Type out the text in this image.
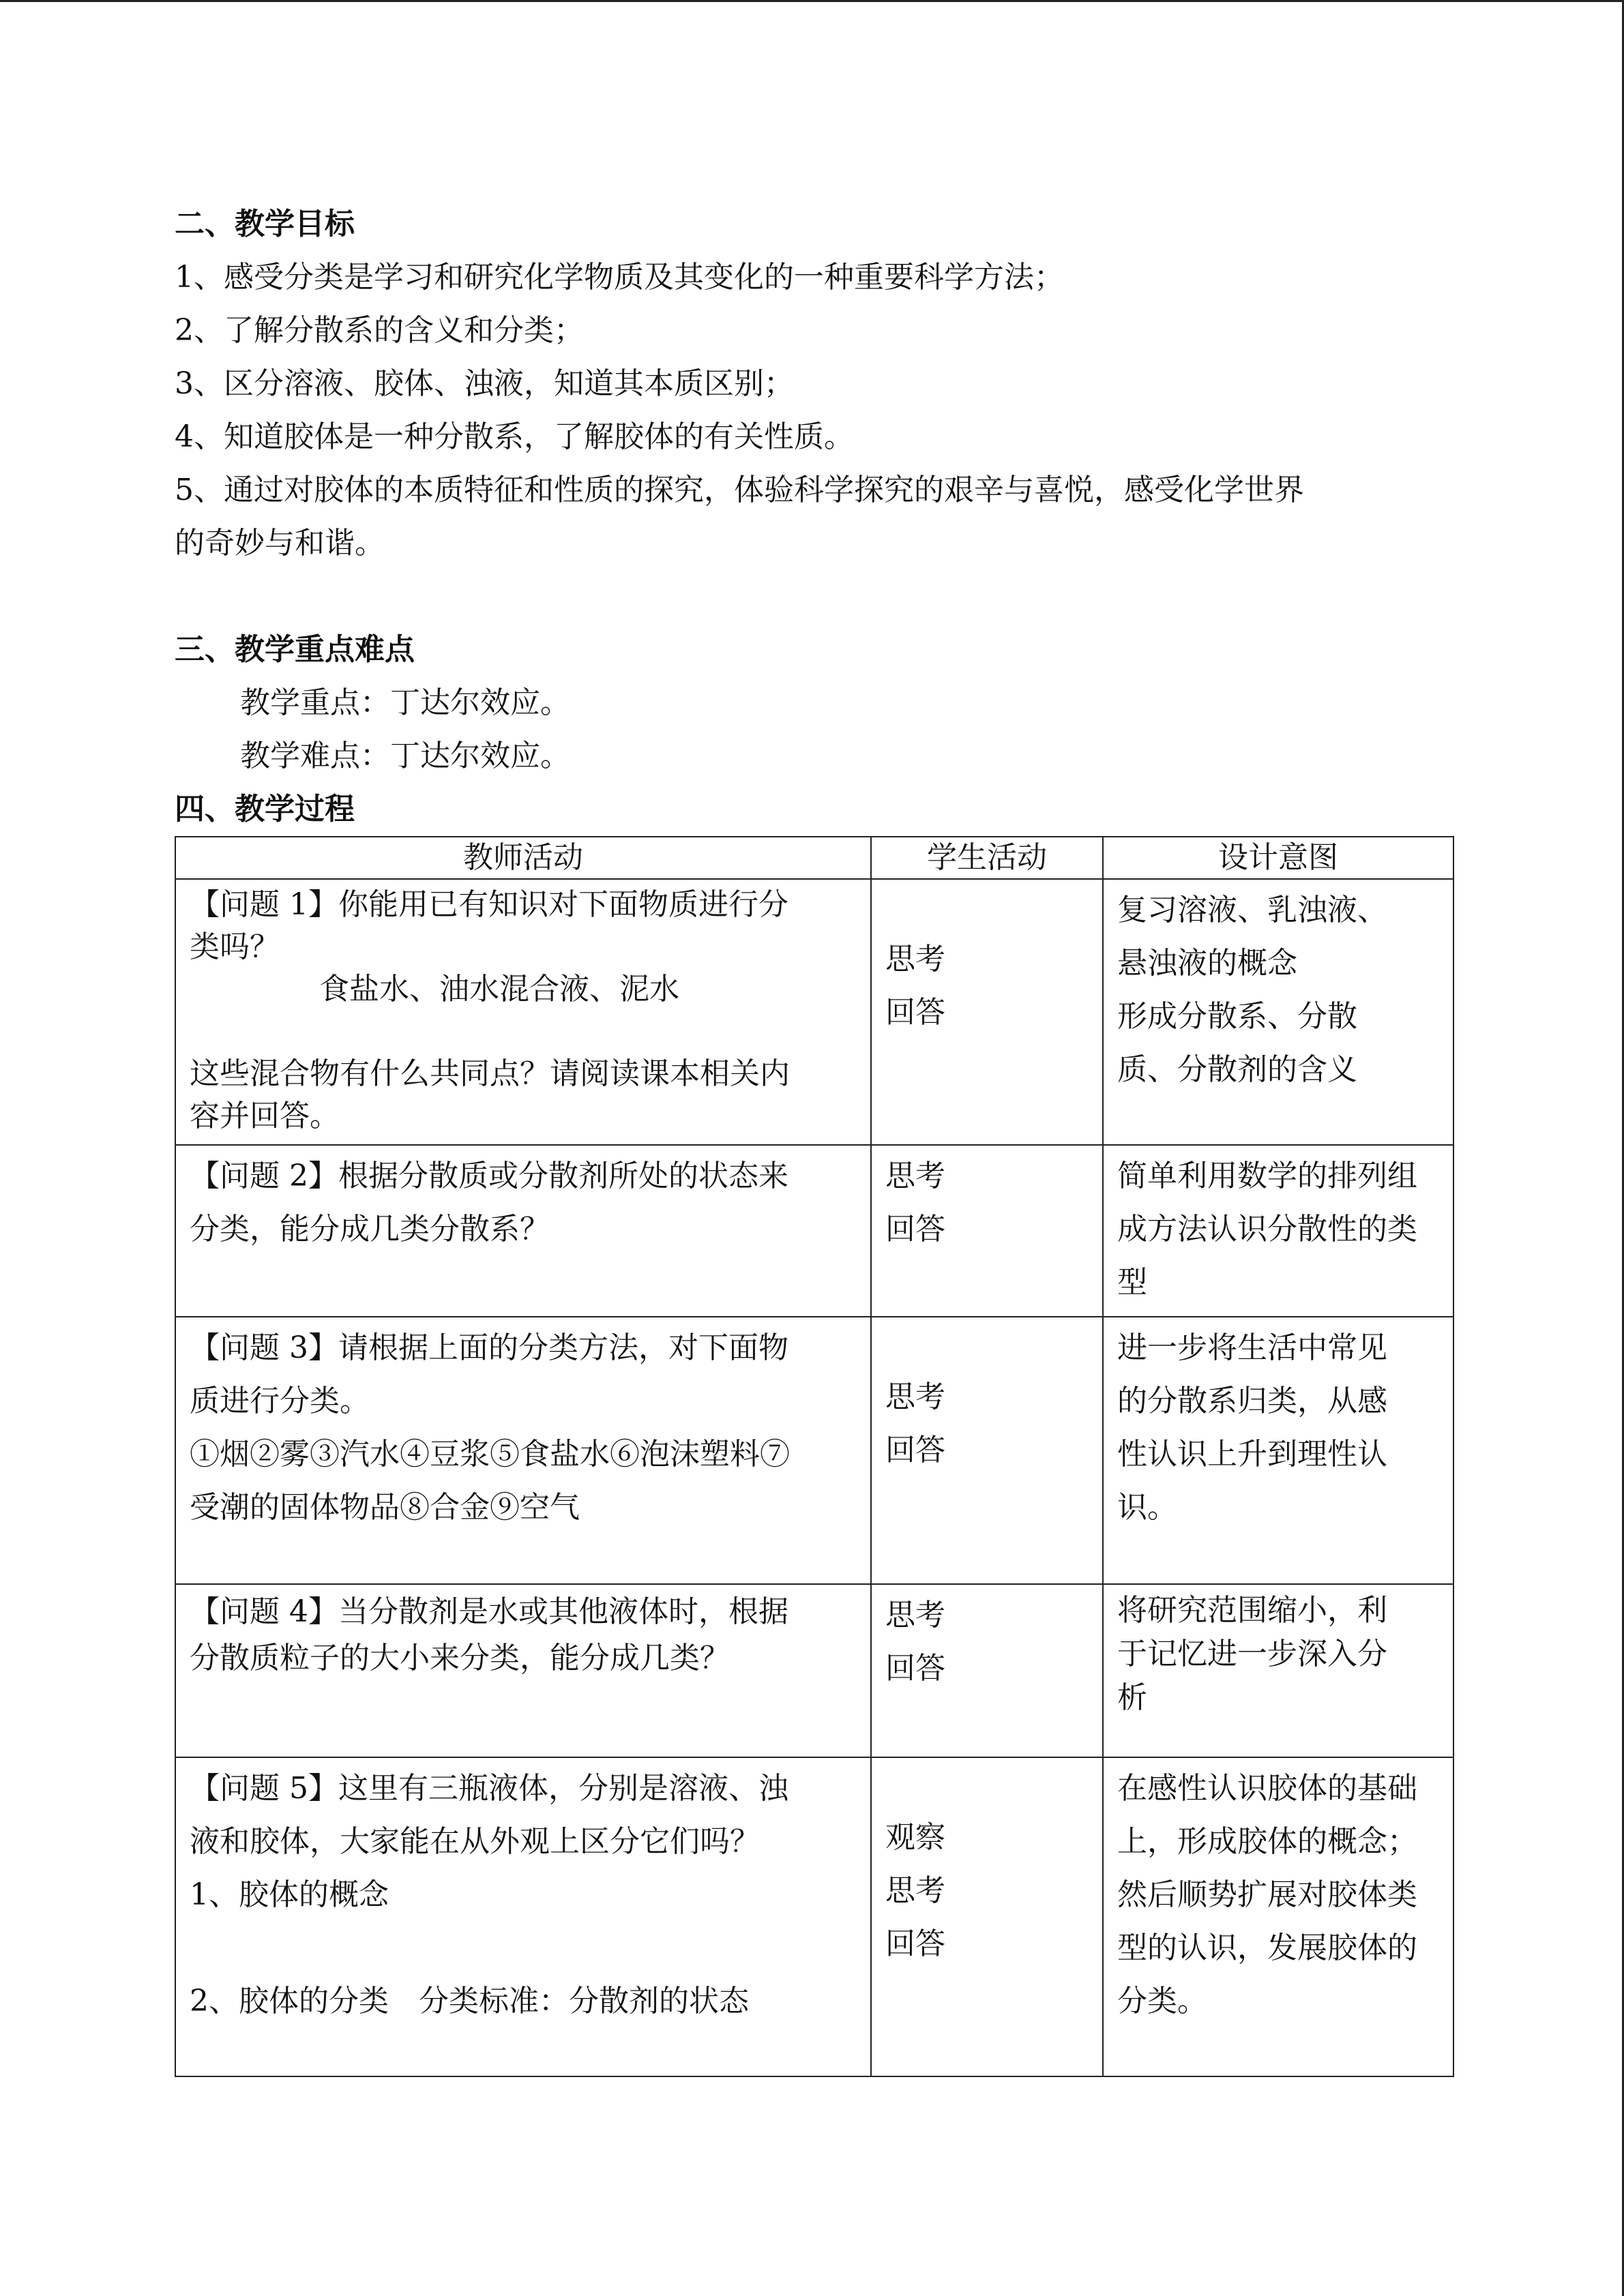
二、教学目标

1、感受分类是学习和研究化学物质及其变化的一种重要科学方法；

2、了解分散系的含义和分类；

3、区分溶液、胶体、浊液，知道其本质区别；

4、知道胶体是一种分散系，了解胶体的有关性质。

5、通过对胶体的本质特征和性质的探究，体验科学探究的艰辛与喜悦，感受化学世界

的奇妙与和谐。

三、教学重点难点

教学重点：丁达尔效应。

教学难点：丁达尔效应。

四、教学过程

教师活动	学生活动	设计意图

【问题 1】你能用已有知识对下面物质进行分
类吗？
食盐水、油水混合液、泥水

这些混合物有什么共同点？请阅读课本相关内
容并回答。	思考
回答	复习溶液、乳浊液、
悬浊液的概念
形成分散系、分散
质、分散剂的含义

【问题 2】根据分散质或分散剂所处的状态来
分类，能分成几类分散系？	思考
回答	简单利用数学的排列组
成方法认识分散性的类
型

【问题 3】请根据上面的分类方法，对下面物
质进行分类。
①烟②雾③汽水④豆浆⑤食盐水⑥泡沫塑料⑦
受潮的固体物品⑧合金⑨空气	思考
回答	进一步将生活中常见
的分散系归类，从感
性认识上升到理性认
识。

【问题 4】当分散剂是水或其他液体时，根据
分散质粒子的大小来分类，能分成几类？	思考
回答	将研究范围缩小，利
于记忆进一步深入分
析

【问题 5】这里有三瓶液体，分别是溶液、浊
液和胶体，大家能在从外观上区分它们吗？
1、胶体的概念

2、胶体的分类　分类标准：分散剂的状态	观察
思考
回答	在感性认识胶体的基础
上，形成胶体的概念；
然后顺势扩展对胶体类
型的认识，发展胶体的
分类。
